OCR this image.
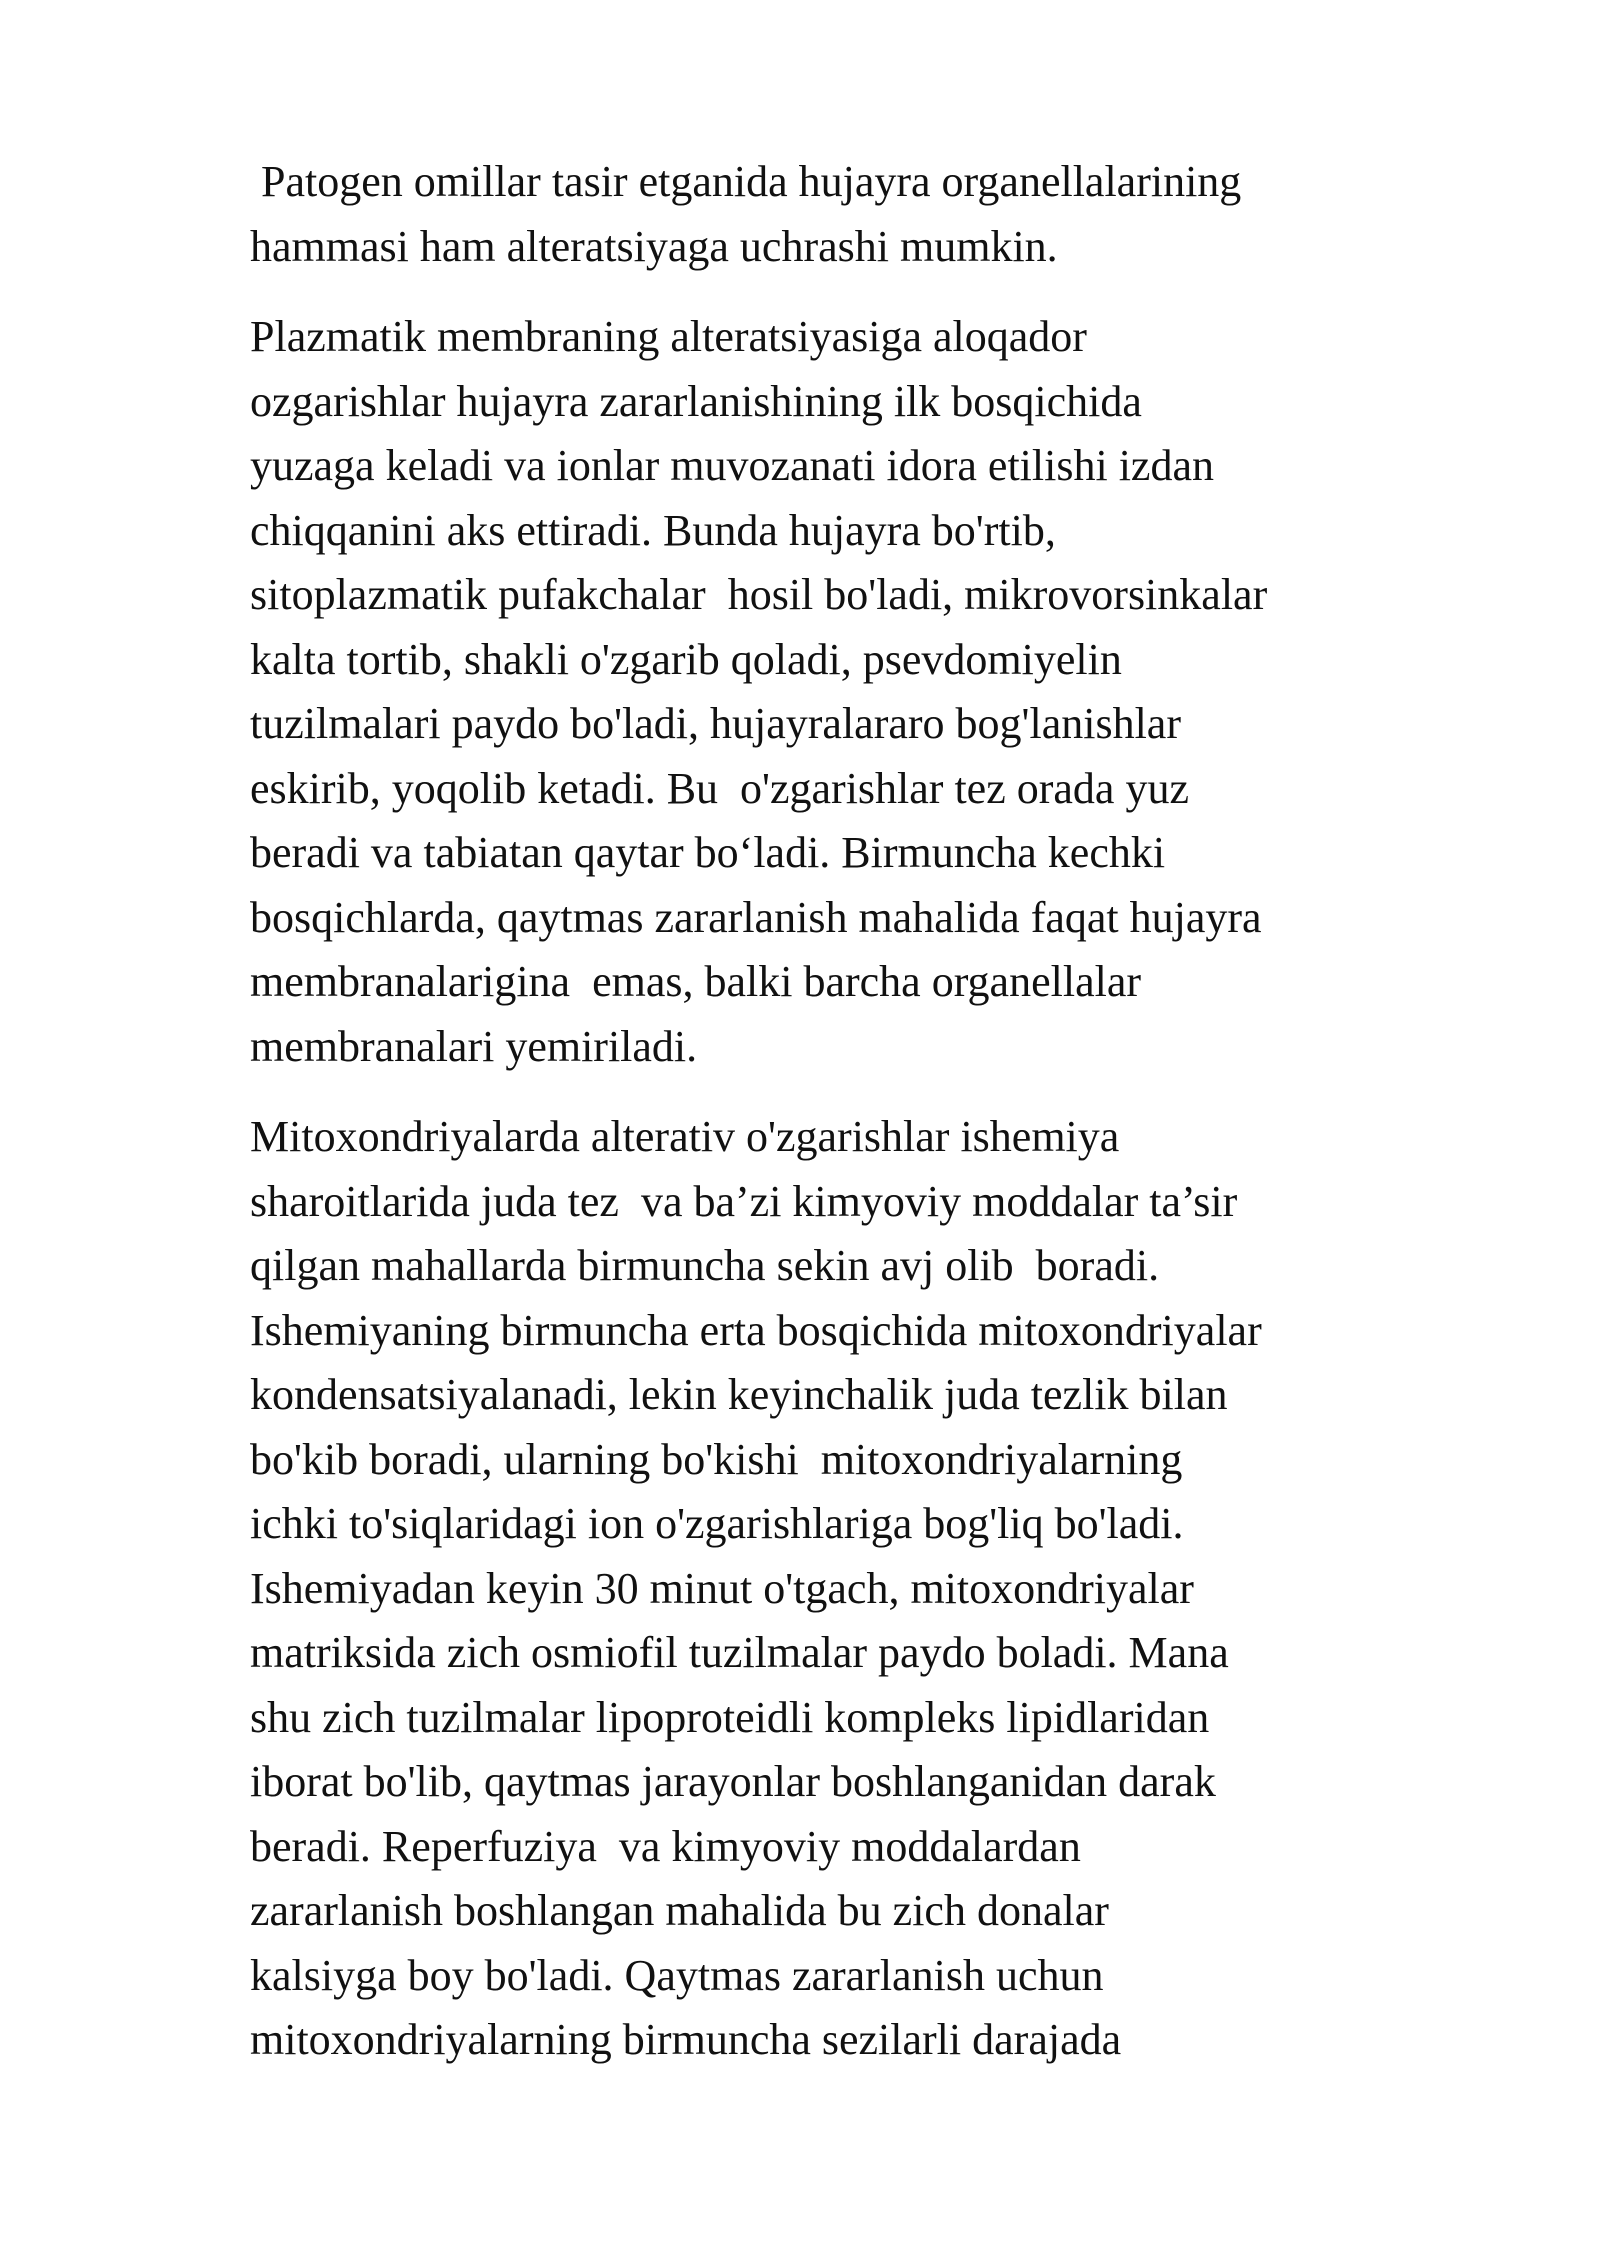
Patogen omillar tasir etganida hujayra organellalarining
hammasi ham alteratsiyaga uchrashi mumkin.

Plazmatik membraning alteratsiyasiga aloqador
ozgarishlar hujayra zararlanishining ilk bosqichida
yuzaga keladi va ionlar muvozanati idora etilishi izdan
chiqqanini aks ettiradi. Bunda hujayra bo'rtib,
sitoplazmatik pufakchalar  hosil bo'ladi, mikrovorsinkalar
kalta tortib, shakli o'zgarib qoladi, psevdomiyelin
tuzilmalari paydo bo'ladi, hujayralararo bog'lanishlar
eskirib, yoqolib ketadi. Bu  o'zgarishlar tez orada yuz
beradi va tabiatan qaytar bo‘ladi. Birmuncha kechki
bosqichlarda, qaytmas zararlanish mahalida faqat hujayra
membranalarigina  emas, balki barcha organellalar
membranalari yemiriladi.

Mitoxondriyalarda alterativ o'zgarishlar ishemiya
sharoitlarida juda tez  va ba’zi kimyoviy moddalar ta’sir
qilgan mahallarda birmuncha sekin avj olib  boradi.
Ishemiyaning birmuncha erta bosqichida mitoxondriyalar
kondensatsiyalanadi, lekin keyinchalik juda tezlik bilan
bo'kib boradi, ularning bo'kishi  mitoxondriyalarning
ichki to'siqlaridagi ion o'zgarishlariga bog'liq bo'ladi.
Ishemiyadan keyin 30 minut o'tgach, mitoxondriyalar
matriksida zich osmiofil tuzilmalar paydo boladi. Mana
shu zich tuzilmalar lipoproteidli kompleks lipidlaridan
iborat bo'lib, qaytmas jarayonlar boshlanganidan darak
beradi. Reperfuziya  va kimyoviy moddalardan
zararlanish boshlangan mahalida bu zich donalar
kalsiyga boy bo'ladi. Qaytmas zararlanish uchun
mitoxondriyalarning birmuncha sezilarli darajada
